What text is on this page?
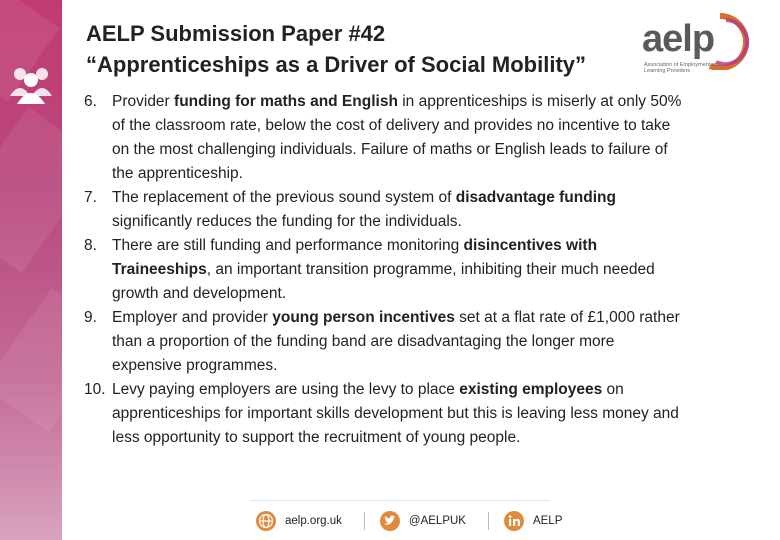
AELP Submission Paper #42
“Apprenticeships as a Driver of Social Mobility”
aelp
Association of Employment and Learning Providers
6. Provider funding for maths and English in apprenticeships is miserly at only 50% of the classroom rate, below the cost of delivery and provides no incentive to take on the most challenging individuals. Failure of maths or English leads to failure of the apprenticeship.
7. The replacement of the previous sound system of disadvantage funding significantly reduces the funding for the individuals.
8. There are still funding and performance monitoring disincentives with Traineeships, an important transition programme, inhibiting their much needed growth and development.
9. Employer and provider young person incentives set at a flat rate of £1,000 rather than a proportion of the funding band are disadvantaging the longer more expensive programmes.
10. Levy paying employers are using the levy to place existing employees on apprenticeships for important skills development but this is leaving less money and less opportunity to support the recruitment of young people.
aelp.org.uk	@AELPUK	AELP
